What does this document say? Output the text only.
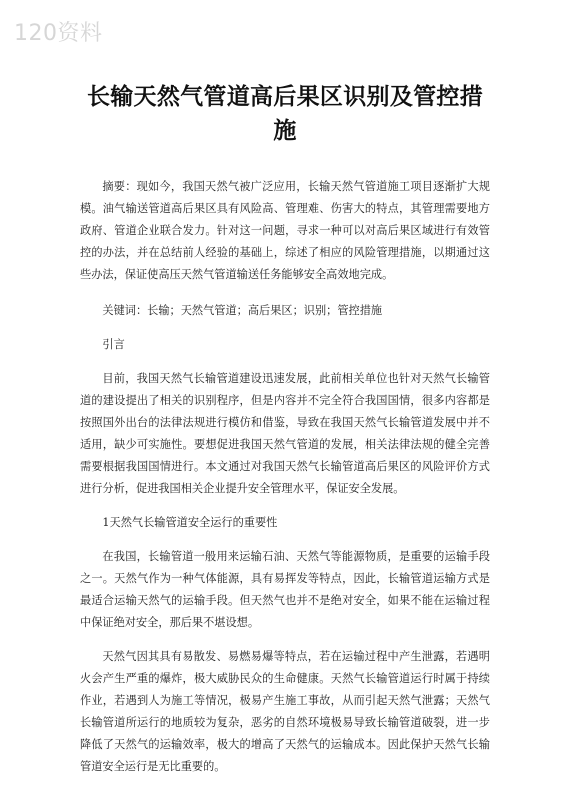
120资料
长输天然气管道高后果区识别及管控措施

摘要：现如今，我国天然气被广泛应用，长输天然气管道施工项目逐渐扩大规模。油气输送管道高后果区具有风险高、管理难、伤害大的特点，其管理需要地方政府、管道企业联合发力。针对这一问题，寻求一种可以对高后果区域进行有效管控的办法，并在总结前人经验的基础上，综述了相应的风险管理措施，以期通过这些办法，保证使高压天然气管道输送任务能够安全高效地完成。

关键词：长输；天然气管道；高后果区；识别；管控措施

引言

目前，我国天然气长输管道建设迅速发展，此前相关单位也针对天然气长输管道的建设提出了相关的识别程序，但是内容并不完全符合我国国情，很多内容都是按照国外出台的法律法规进行模仿和借鉴，导致在我国天然气长输管道发展中并不适用，缺少可实施性。要想促进我国天然气管道的发展，相关法律法规的健全完善需要根据我国国情进行。本文通过对我国天然气长输管道高后果区的风险评价方式进行分析，促进我国相关企业提升安全管理水平，保证安全发展。

1天然气长输管道安全运行的重要性

在我国，长输管道一般用来运输石油、天然气等能源物质，是重要的运输手段之一。天然气作为一种气体能源，具有易挥发等特点，因此，长输管道运输方式是最适合运输天然气的运输手段。但天然气也并不是绝对安全，如果不能在运输过程中保证绝对安全，那后果不堪设想。

天然气因其具有易散发、易燃易爆等特点，若在运输过程中产生泄露，若遇明火会产生严重的爆炸，极大威胁民众的生命健康。天然气长输管道运行时属于持续作业，若遇到人为施工等情况，极易产生施工事故，从而引起天然气泄露；天然气长输管道所运行的地质较为复杂，恶劣的自然环境极易导致长输管道破裂，进一步降低了天然气的运输效率，极大的增高了天然气的运输成本。因此保护天然气长输管道安全运行是无比重要的。
